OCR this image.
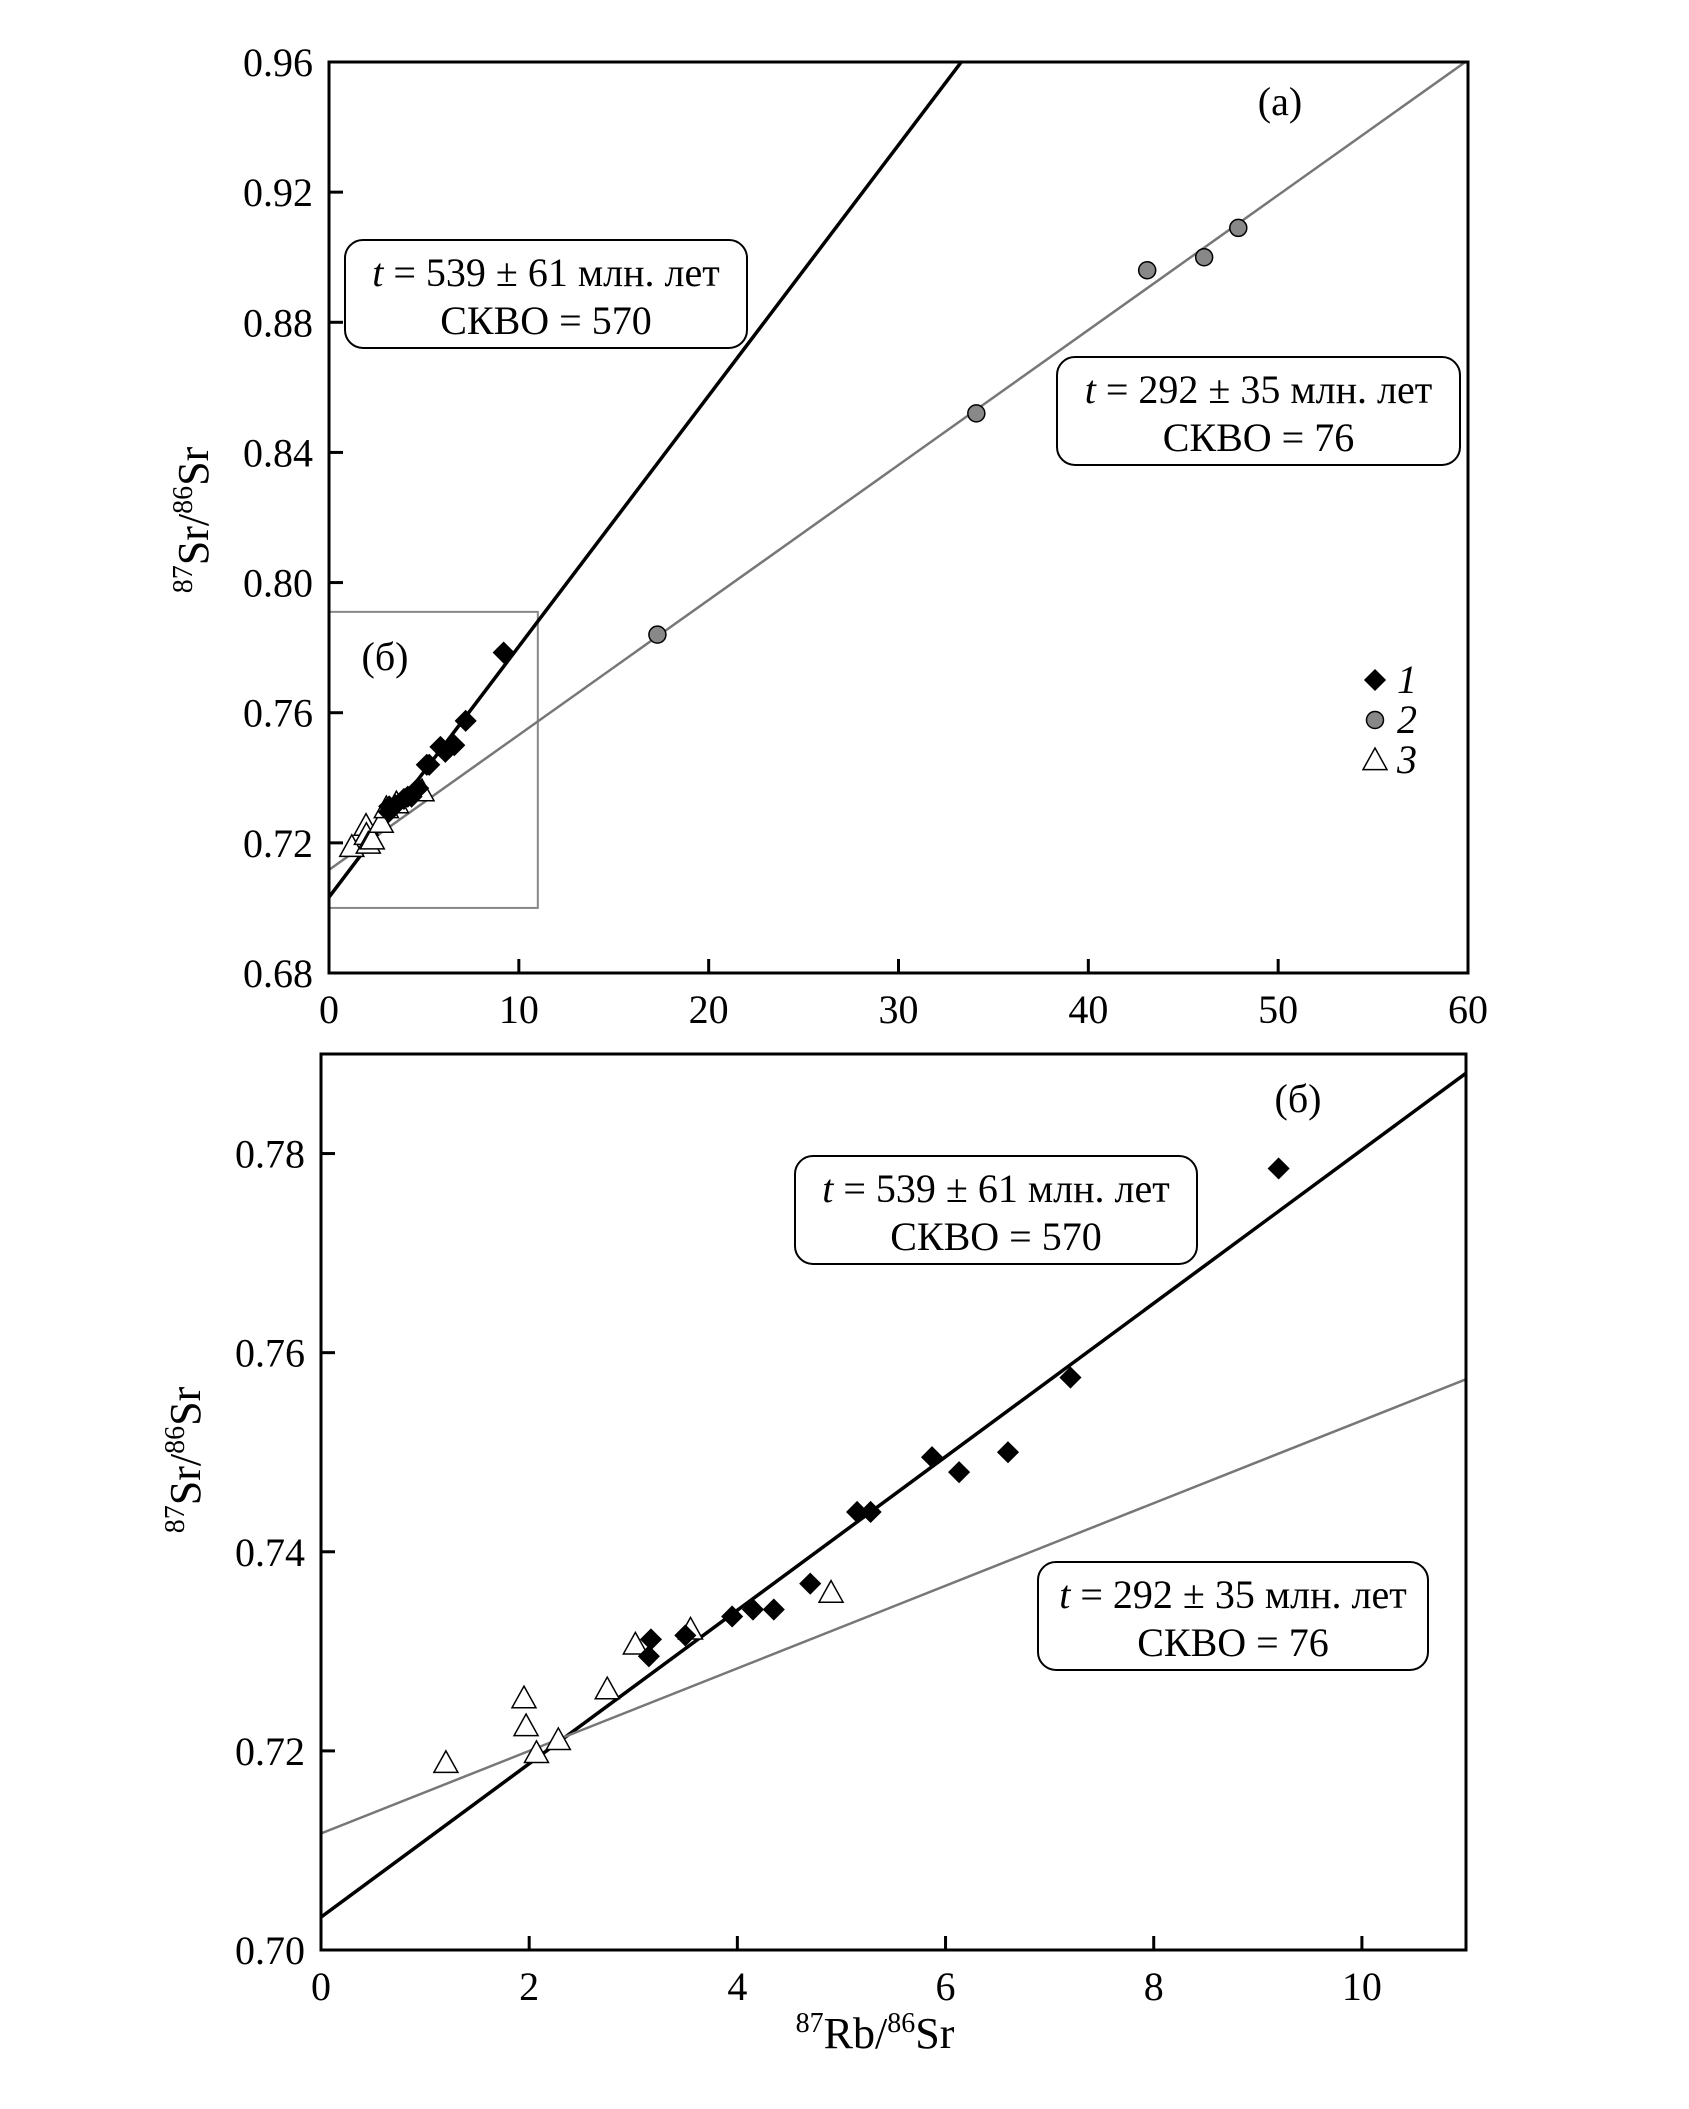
0	10	20	30	40	50	60
0.68
0.72
0.76
0.80
0.84
0.88
0.92
0.96
$^{87}$Sr/$^{86}$Sr
(a)
(б)
t = 539 ± 61 млн. лет
СКВО = 570
t = 292 ± 35 млн. лет
СКВО = 76
1
2
3
0	2	4	6	8	10
0.70
0.72
0.74
0.76
0.78
$^{87}$Sr/$^{86}$Sr
$^{87}$Rb/$^{86}$Sr
(б)
t = 539 ± 61 млн. лет
СКВО = 570
t = 292 ± 35 млн. лет
СКВО = 76
